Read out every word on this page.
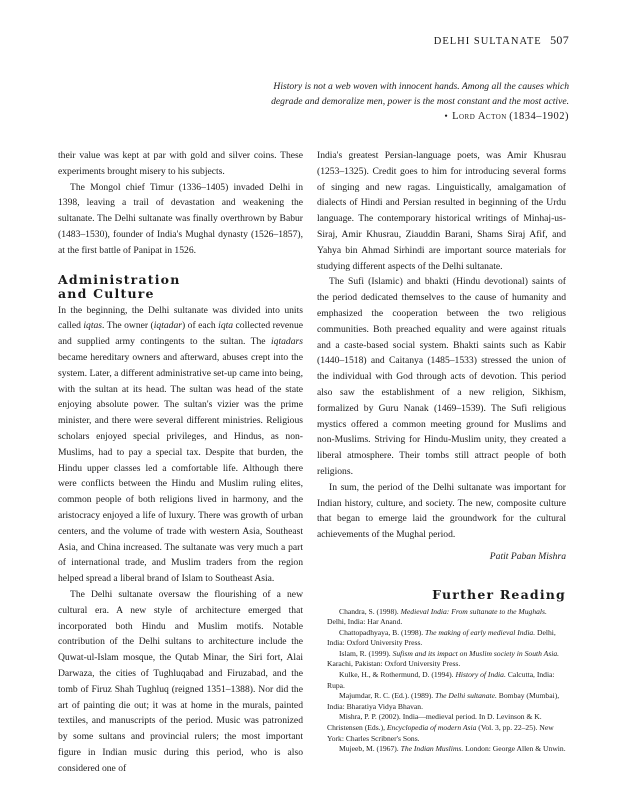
DELHI SULTANATE 507
History is not a web woven with innocent hands. Among all the causes which degrade and demoralize men, power is the most constant and the most active. • Lord Acton (1834–1902)

their value was kept at par with gold and silver coins. These experiments brought misery to his subjects.

The Mongol chief Timur (1336–1405) invaded Delhi in 1398, leaving a trail of devastation and weakening the sultanate. The Delhi sultanate was finally overthrown by Babur (1483–1530), founder of India's Mughal dynasty (1526–1857), at the first battle of Panipat in 1526.

Administration
and Culture

In the beginning, the Delhi sultanate was divided into units called iqtas. The owner (iqtadar) of each iqta collected revenue and supplied army contingents to the sultan. The iqtadars became hereditary owners and afterward, abuses crept into the system. Later, a different administrative set-up came into being, with the sultan at its head. The sultan was head of the state enjoying absolute power. The sultan's vizier was the prime minister, and there were several different ministries. Religious scholars enjoyed special privileges, and Hindus, as non-Muslims, had to pay a special tax. Despite that burden, the Hindu upper classes led a comfortable life. Although there were conflicts between the Hindu and Muslim ruling elites, common people of both religions lived in harmony, and the aristocracy enjoyed a life of luxury. There was growth of urban centers, and the volume of trade with western Asia, Southeast Asia, and China increased. The sultanate was very much a part of international trade, and Muslim traders from the region helped spread a liberal brand of Islam to Southeast Asia.

The Delhi sultanate oversaw the flourishing of a new cultural era. A new style of architecture emerged that incorporated both Hindu and Muslim motifs. Notable contribution of the Delhi sultans to architecture include the Quwat-ul-Islam mosque, the Qutab Minar, the Siri fort, Alai Darwaza, the cities of Tughluqabad and Firuzabad, and the tomb of Firuz Shah Tughluq (reigned 1351–1388). Nor did the art of painting die out; it was at home in the murals, painted textiles, and manuscripts of the period. Music was patronized by some sultans and provincial rulers; the most important figure in Indian music during this period, who is also considered one of

India's greatest Persian-language poets, was Amir Khusrau (1253–1325). Credit goes to him for introducing several forms of singing and new ragas. Linguistically, amalgamation of dialects of Hindi and Persian resulted in beginning of the Urdu language. The contemporary historical writings of Minhaj-us-Siraj, Amir Khusrau, Ziauddin Barani, Shams Siraj Afif, and Yahya bin Ahmad Sirhindi are important source materials for studying different aspects of the Delhi sultanate.

The Sufi (Islamic) and bhakti (Hindu devotional) saints of the period dedicated themselves to the cause of humanity and emphasized the cooperation between the two religious communities. Both preached equality and were against rituals and a caste-based social system. Bhakti saints such as Kabir (1440–1518) and Caitanya (1485–1533) stressed the union of the individual with God through acts of devotion. This period also saw the establishment of a new religion, Sikhism, formalized by Guru Nanak (1469–1539). The Sufi religious mystics offered a common meeting ground for Muslims and non-Muslims. Striving for Hindu-Muslim unity, they created a liberal atmosphere. Their tombs still attract people of both religions.

In sum, the period of the Delhi sultanate was important for Indian history, culture, and society. The new, composite culture that began to emerge laid the groundwork for the cultural achievements of the Mughal period.

Patit Paban Mishra
Further Reading

Chandra, S. (1998). Medieval India: From sultanate to the Mughals. Delhi, India: Har Anand.

Chattopadhyaya, B. (1998). The making of early medieval India. Delhi, India: Oxford University Press.

Islam, R. (1999). Sufism and its impact on Muslim society in South Asia. Karachi, Pakistan: Oxford University Press.

Kulke, H., & Rothermund, D. (1994). History of India. Calcutta, India: Rupa.

Majumdar, R. C. (Ed.). (1989). The Delhi sultanate. Bombay (Mumbai), India: Bharatiya Vidya Bhavan.

Mishra, P. P. (2002). India—medieval period. In D. Levinson & K. Christensen (Eds.), Encyclopedia of modern Asia (Vol. 3, pp. 22–25). New York: Charles Scribner's Sons.

Mujeeb, M. (1967). The Indian Muslims. London: George Allen & Unwin.
